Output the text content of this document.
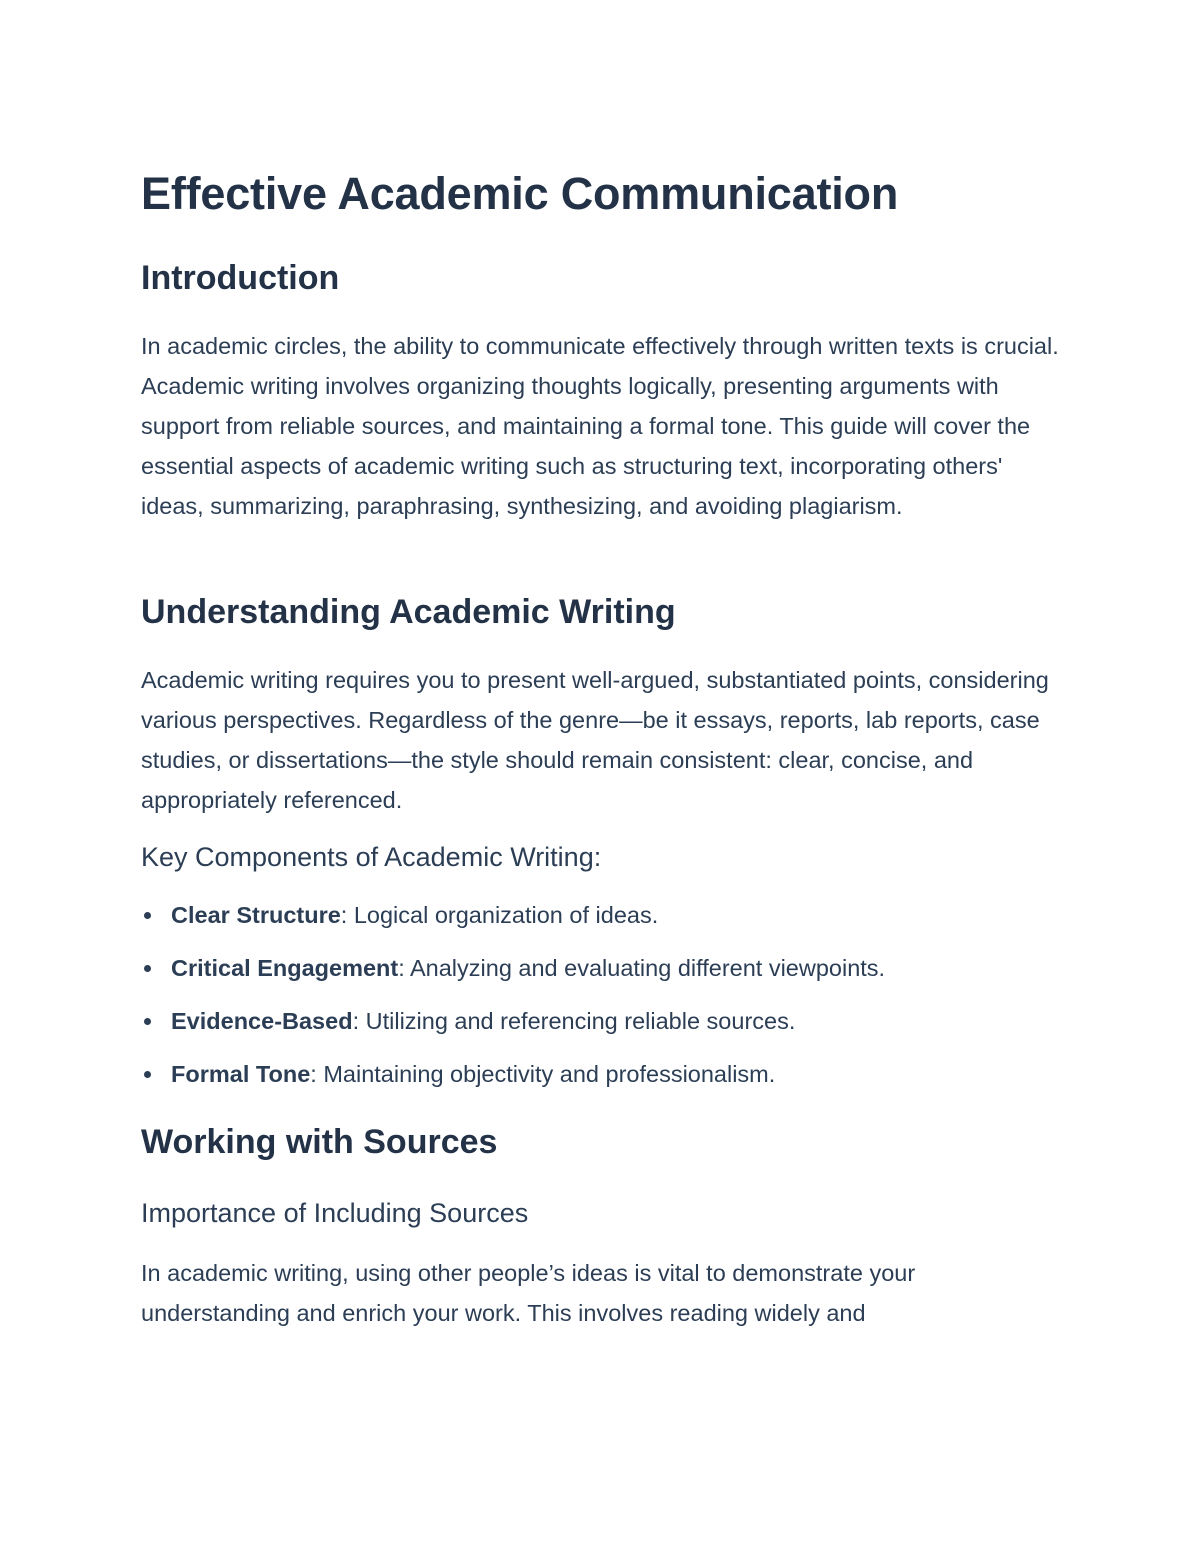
Effective Academic Communication
Introduction

In academic circles, the ability to communicate effectively through written texts is crucial. Academic writing involves organizing thoughts logically, presenting arguments with support from reliable sources, and maintaining a formal tone. This guide will cover the essential aspects of academic writing such as structuring text, incorporating others' ideas, summarizing, paraphrasing, synthesizing, and avoiding plagiarism.

Understanding Academic Writing

Academic writing requires you to present well-argued, substantiated points, considering various perspectives. Regardless of the genre—be it essays, reports, lab reports, case studies, or dissertations—the style should remain consistent: clear, concise, and appropriately referenced.

Key Components of Academic Writing:
Clear Structure: Logical organization of ideas.
Critical Engagement: Analyzing and evaluating different viewpoints.
Evidence-Based: Utilizing and referencing reliable sources.
Formal Tone: Maintaining objectivity and professionalism.
Working with Sources
Importance of Including Sources

In academic writing, using other people’s ideas is vital to demonstrate your understanding and enrich your work. This involves reading widely and
